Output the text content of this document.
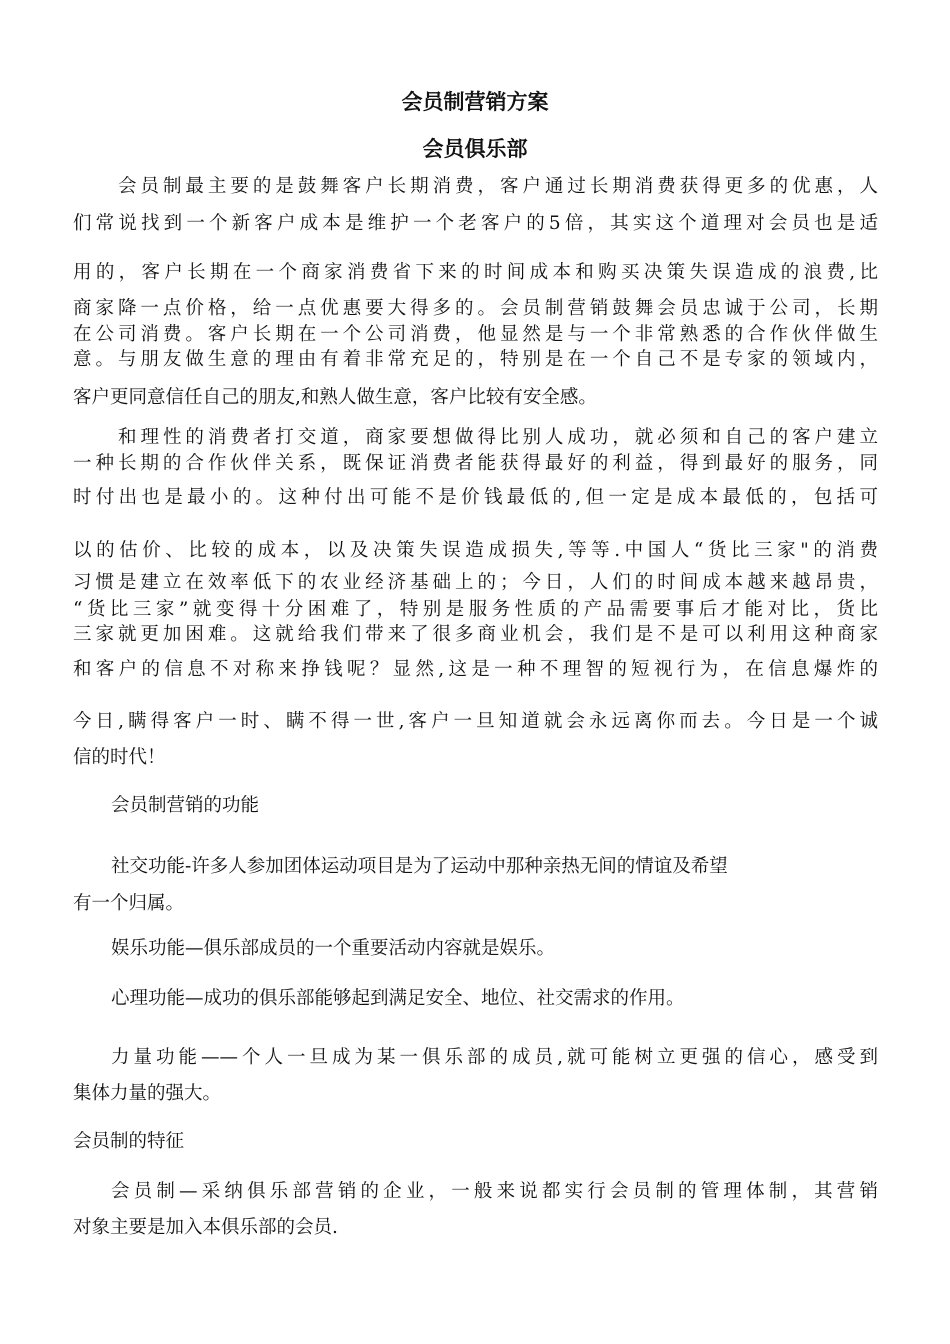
会员制营销方案
会员俱乐部
会员制最主要的是鼓舞客户长期消费，客户通过长期消费获得更多的优惠，人
们常说找到一个新客户成本是维护一个老客户的5倍，其实这个道理对会员也是适
用的，客户长期在一个商家消费省下来的时间成本和购买决策失误造成的浪费,比
商家降一点价格，给一点优惠要大得多的。会员制营销鼓舞会员忠诚于公司，长期
在公司消费。客户长期在一个公司消费，他显然是与一个非常熟悉的合作伙伴做生
意。与朋友做生意的理由有着非常充足的，特别是在一个自己不是专家的领域内，
客户更同意信任自己的朋友,和熟人做生意，客户比较有安全感。
和理性的消费者打交道，商家要想做得比别人成功，就必须和自己的客户建立
一种长期的合作伙伴关系，既保证消费者能获得最好的利益，得到最好的服务，同
时付出也是最小的。这种付出可能不是价钱最低的,但一定是成本最低的，包括可
以的估价、比较的成本，以及决策失误造成损失,等等.中国人“货比三家"的消费
习惯是建立在效率低下的农业经济基础上的；今日，人们的时间成本越来越昂贵，
“货比三家”就变得十分困难了，特别是服务性质的产品需要事后才能对比，货比
三家就更加困难。这就给我们带来了很多商业机会，我们是不是可以利用这种商家
和客户的信息不对称来挣钱呢？显然,这是一种不理智的短视行为，在信息爆炸的
今日,瞒得客户一时、瞒不得一世,客户一旦知道就会永远离你而去。今日是一个诚
信的时代！
会员制营销的功能
社交功能-许多人参加团体运动项目是为了运动中那种亲热无间的情谊及希望
有一个归属。
娱乐功能—俱乐部成员的一个重要活动内容就是娱乐。
心理功能—成功的俱乐部能够起到满足安全、地位、社交需求的作用。
力量功能——个人一旦成为某一俱乐部的成员,就可能树立更强的信心，感受到
集体力量的强大。
会员制的特征
会员制—采纳俱乐部营销的企业，一般来说都实行会员制的管理体制，其营销
对象主要是加入本俱乐部的会员.
